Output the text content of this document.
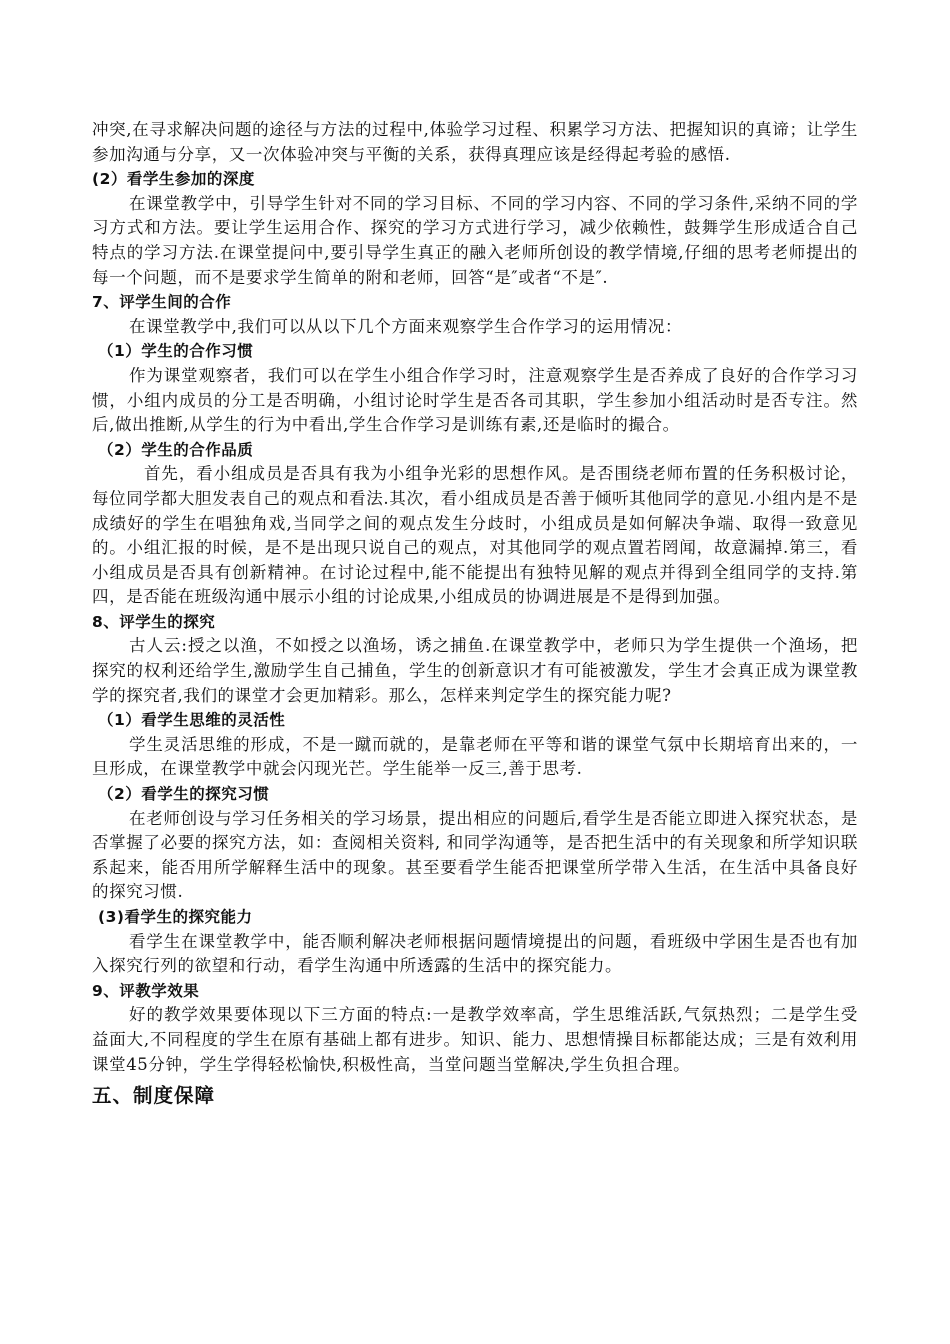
冲突,在寻求解决问题的途径与方法的过程中,体验学习过程、积累学习方法、把握知识的真谛；让学生参加沟通与分享，又一次体验冲突与平衡的关系，获得真理应该是经得起考验的感悟.

(2）看学生参加的深度

在课堂教学中，引导学生针对不同的学习目标、不同的学习内容、不同的学习条件,采纳不同的学习方式和方法。要让学生运用合作、探究的学习方式进行学习，减少依赖性，鼓舞学生形成适合自己特点的学习方法.在课堂提问中,要引导学生真正的融入老师所创设的教学情境,仔细的思考老师提出的每一个问题，而不是要求学生简单的附和老师，回答“是″或者“不是″.

7、评学生间的合作

在课堂教学中,我们可以从以下几个方面来观察学生合作学习的运用情况：

（1）学生的合作习惯

作为课堂观察者，我们可以在学生小组合作学习时，注意观察学生是否养成了良好的合作学习习惯，小组内成员的分工是否明确，小组讨论时学生是否各司其职，学生参加小组活动时是否专注。然后,做出推断,从学生的行为中看出,学生合作学习是训练有素,还是临时的撮合。

（2）学生的合作品质

首先，看小组成员是否具有我为小组争光彩的思想作风。是否围绕老师布置的任务积极讨论，每位同学都大胆发表自己的观点和看法.其次，看小组成员是否善于倾听其他同学的意见.小组内是不是成绩好的学生在唱独角戏,当同学之间的观点发生分歧时，小组成员是如何解决争端、取得一致意见的。小组汇报的时候，是不是出现只说自己的观点，对其他同学的观点置若罔闻，故意漏掉.第三，看小组成员是否具有创新精神。在讨论过程中,能不能提出有独特见解的观点并得到全组同学的支持.第四，是否能在班级沟通中展示小组的讨论成果,小组成员的协调进展是不是得到加强。

8、评学生的探究

古人云:授之以渔，不如授之以渔场，诱之捕鱼.在课堂教学中，老师只为学生提供一个渔场，把探究的权利还给学生,激励学生自己捕鱼，学生的创新意识才有可能被激发，学生才会真正成为课堂教学的探究者,我们的课堂才会更加精彩。那么，怎样来判定学生的探究能力呢?

（1）看学生思维的灵活性

学生灵活思维的形成，不是一蹴而就的，是靠老师在平等和谐的课堂气氛中长期培育出来的，一旦形成，在课堂教学中就会闪现光芒。学生能举一反三,善于思考.

（2）看学生的探究习惯

在老师创设与学习任务相关的学习场景，提出相应的问题后,看学生是否能立即进入探究状态，是否掌握了必要的探究方法，如：查阅相关资料, 和同学沟通等，是否把生活中的有关现象和所学知识联系起来，能否用所学解释生活中的现象。甚至要看学生能否把课堂所学带入生活，在生活中具备良好的探究习惯.

(3)看学生的探究能力

看学生在课堂教学中，能否顺利解决老师根据问题情境提出的问题，看班级中学困生是否也有加入探究行列的欲望和行动，看学生沟通中所透露的生活中的探究能力。

9、评教学效果

好的教学效果要体现以下三方面的特点:一是教学效率高，学生思维活跃,气氛热烈；二是学生受益面大,不同程度的学生在原有基础上都有进步。知识、能力、思想情操目标都能达成；三是有效利用课堂45分钟，学生学得轻松愉快,积极性高，当堂问题当堂解决,学生负担合理。

五、制度保障
